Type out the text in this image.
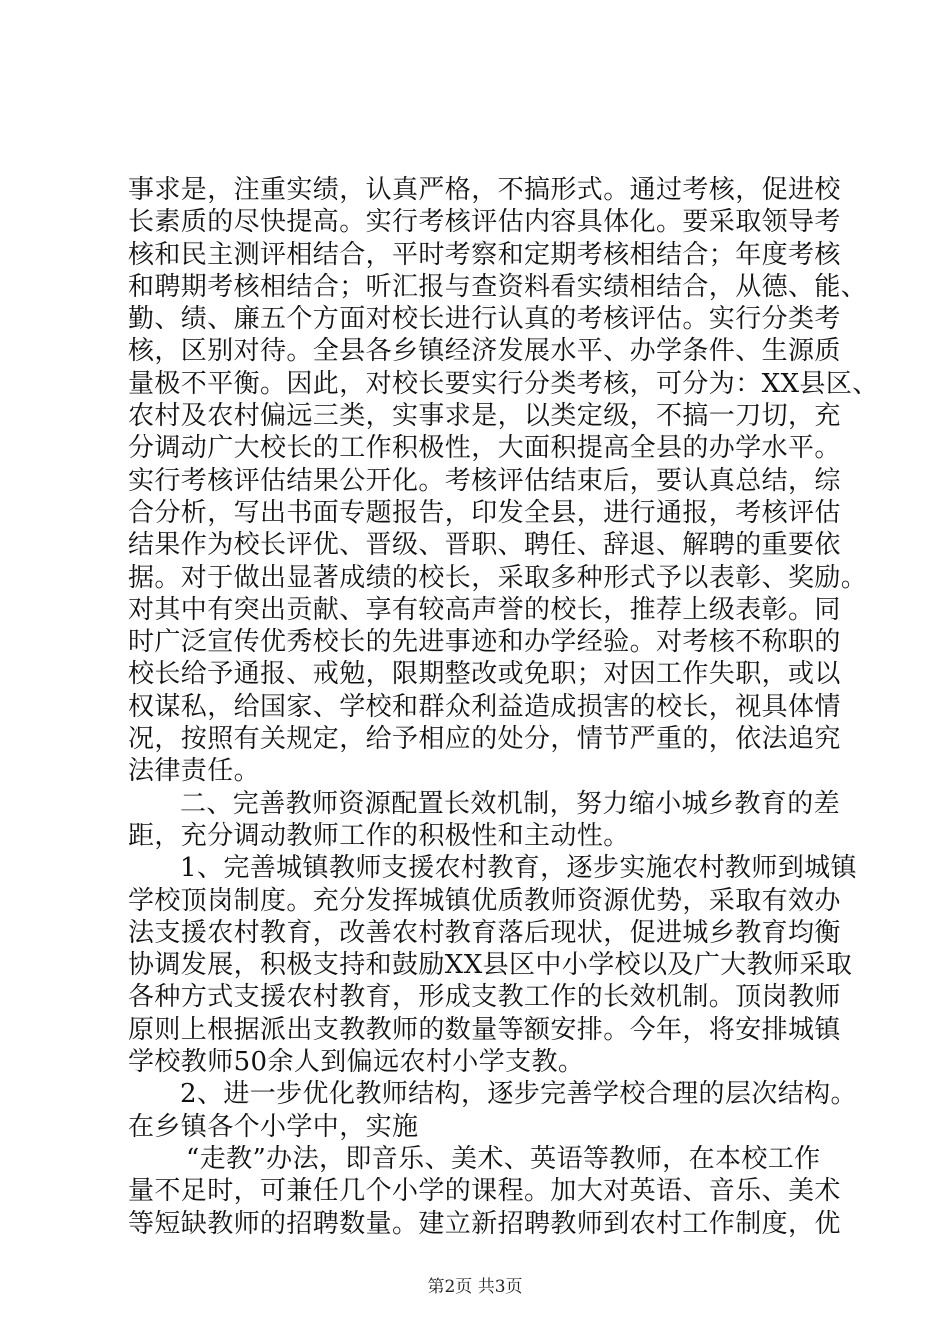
事求是，注重实绩，认真严格，不搞形式。通过考核，促进校
长素质的尽快提高。实行考核评估内容具体化。要采取领导考
核和民主测评相结合，平时考察和定期考核相结合；年度考核
和聘期考核相结合；听汇报与查资料看实绩相结合，从德、能、
勤、绩、廉五个方面对校长进行认真的考核评估。实行分类考
核，区别对待。全县各乡镇经济发展水平、办学条件、生源质
量极不平衡。因此，对校长要实行分类考核，可分为：XX县区、
农村及农村偏远三类，实事求是，以类定级，不搞一刀切，充
分调动广大校长的工作积极性，大面积提高全县的办学水平。
实行考核评估结果公开化。考核评估结束后，要认真总结，综
合分析，写出书面专题报告，印发全县，进行通报，考核评估
结果作为校长评优、晋级、晋职、聘任、辞退、解聘的重要依
据。对于做出显著成绩的校长，采取多种形式予以表彰、奖励。
对其中有突出贡献、享有较高声誉的校长，推荐上级表彰。同
时广泛宣传优秀校长的先进事迹和办学经验。对考核不称职的
校长给予通报、戒勉，限期整改或免职；对因工作失职，或以
权谋私，给国家、学校和群众利益造成损害的校长，视具体情
况，按照有关规定，给予相应的处分，情节严重的，依法追究
法律责任。
二、完善教师资源配置长效机制，努力缩小城乡教育的差
距，充分调动教师工作的积极性和主动性。
1、完善城镇教师支援农村教育，逐步实施农村教师到城镇
学校顶岗制度。充分发挥城镇优质教师资源优势，采取有效办
法支援农村教育，改善农村教育落后现状，促进城乡教育均衡
协调发展，积极支持和鼓励XX县区中小学校以及广大教师采取
各种方式支援农村教育，形成支教工作的长效机制。顶岗教师
原则上根据派出支教教师的数量等额安排。今年，将安排城镇
学校教师50余人到偏远农村小学支教。
2、进一步优化教师结构，逐步完善学校合理的层次结构。
在乡镇各个小学中，实施
“走教”办法，即音乐、美术、英语等教师，在本校工作
量不足时，可兼任几个小学的课程。加大对英语、音乐、美术
等短缺教师的招聘数量。建立新招聘教师到农村工作制度，优
第2页 共3页
